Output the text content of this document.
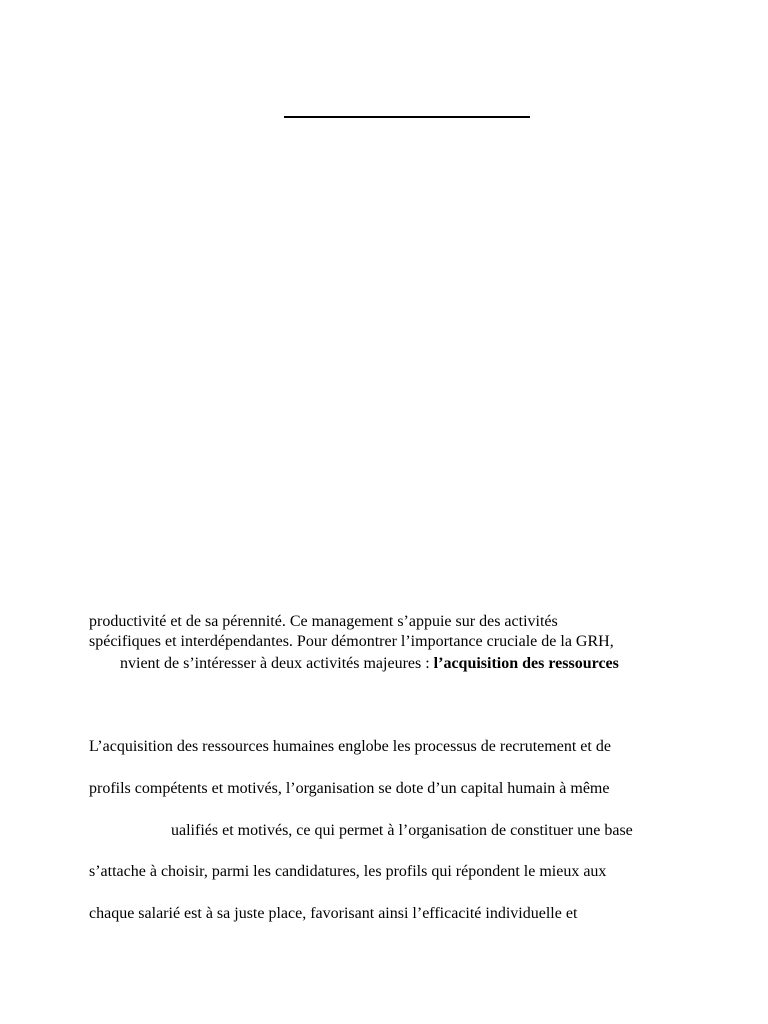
productivité et de sa pérennité. Ce management s’appuie sur des activités
spécifiques et interdépendantes. Pour démontrer l’importance cruciale de la GRH,
nvient de s’intéresser à deux activités majeures : l’acquisition des ressources
L’acquisition des ressources humaines englobe les processus de recrutement et de
profils compétents et motivés, l’organisation se dote d’un capital humain à même
ualifiés et motivés, ce qui permet à l’organisation de constituer une base
s’attache à choisir, parmi les candidatures, les profils qui répondent le mieux aux
chaque salarié est à sa juste place, favorisant ainsi l’efficacité individuelle et
